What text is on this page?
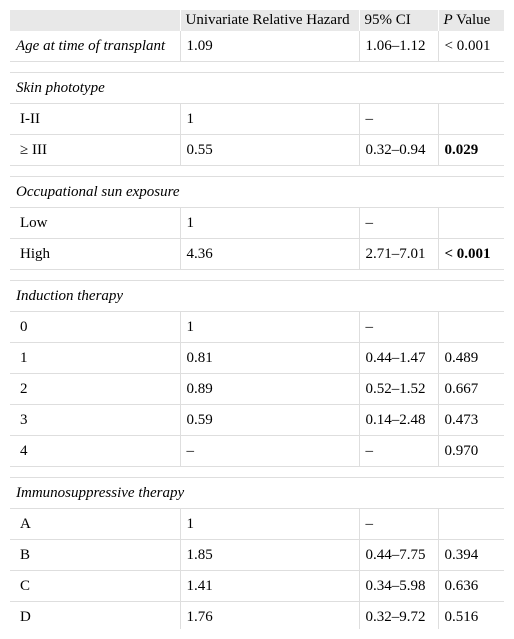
	Univariate Relative Hazard	95% CI	P Value
Age at time of transplant	1.09	1.06–1.12	< 0.001

Skin phototype			
I-II	1	–	
≥ III	0.55	0.32–0.94	0.029

Occupational sun exposure			
Low	1	–	
High	4.36	2.71–7.01	< 0.001

Induction therapy			
0	1	–	
1	0.81	0.44–1.47	0.489
2	0.89	0.52–1.52	0.667
3	0.59	0.14–2.48	0.473
4	–	–	0.970

Immunosuppressive therapy			
A	1	–	
B	1.85	0.44–7.75	0.394
C	1.41	0.34–5.98	0.636
D	1.76	0.32–9.72	0.516
